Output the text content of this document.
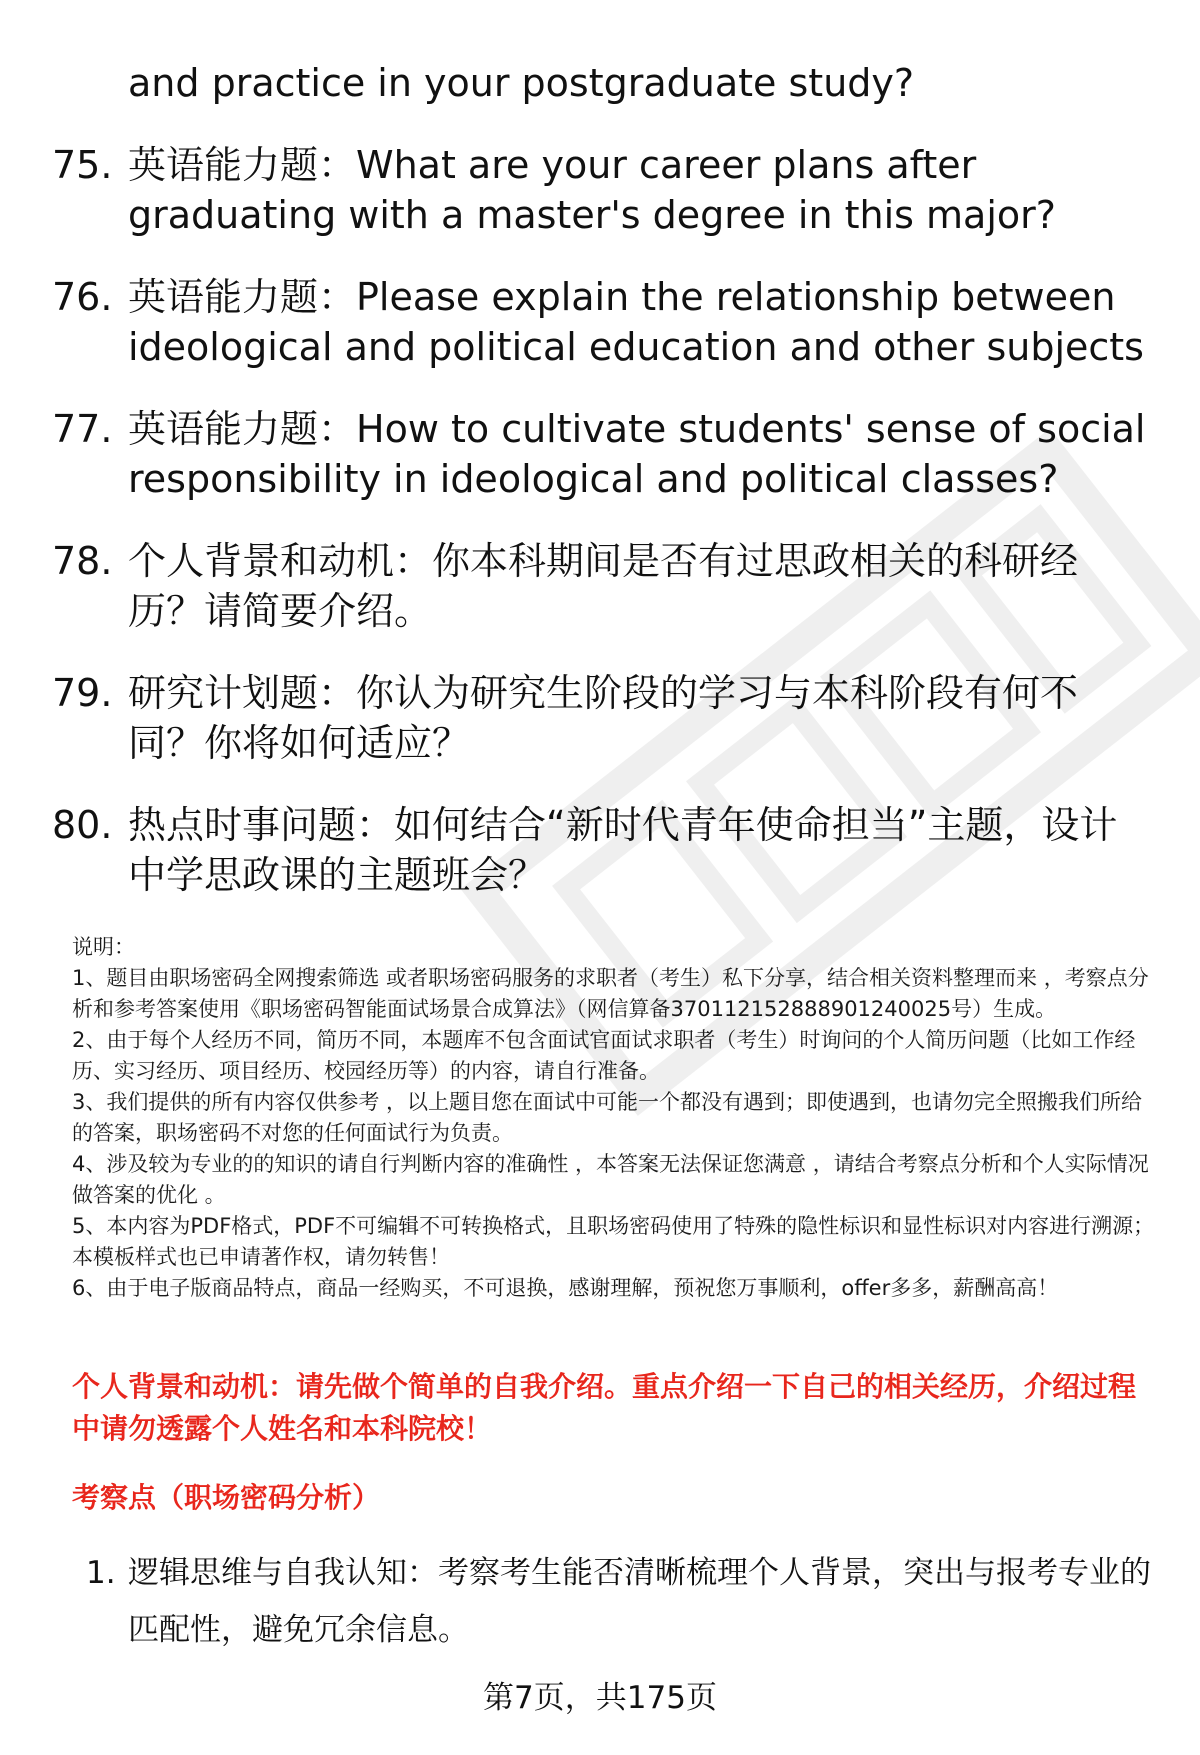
and practice in your postgraduate study?
75. 英语能力题：What are your career plans after graduating with a master's degree in this major?
76. 英语能力题：Please explain the relationship between ideological and political education and other subjects
77. 英语能力题：How to cultivate students' sense of social responsibility in ideological and political classes?
78. 个人背景和动机：你本科期间是否有过思政相关的科研经历？请简要介绍。
79. 研究计划题：你认为研究生阶段的学习与本科阶段有何不同？你将如何适应？
80. 热点时事问题：如何结合“新时代青年使命担当”主题，设计中学思政课的主题班会？

说明：

1、题目由职场密码全网搜索筛选 或者职场密码服务的求职者（考生）私下分享，结合相关资料整理而来 ，考察点分析和参考答案使用《职场密码智能面试场景合成算法》（网信算备370112152888901240025号）生成。

2、由于每个人经历不同，简历不同，本题库不包含面试官面试求职者（考生）时询问的个人简历问题（比如工作经历、实习经历、项目经历、校园经历等）的内容，请自行准备。

3、我们提供的所有内容仅供参考 ，以上题目您在面试中可能一个都没有遇到；即使遇到，也请勿完全照搬我们所给的答案，职场密码不对您的任何面试行为负责。

4、涉及较为专业的的知识的请自行判断内容的准确性 ，本答案无法保证您满意 ，请结合考察点分析和个人实际情况做答案的优化 。

5、本内容为PDF格式，PDF不可编辑不可转换格式，且职场密码使用了特殊的隐性标识和显性标识对内容进行溯源；本模板样式也已申请著作权，请勿转售！

6、由于电子版商品特点，商品一经购买，不可退换，感谢理解，预祝您万事顺利，offer多多，薪酬高高！

个人背景和动机：请先做个简单的自我介绍。重点介绍一下自己的相关经历，介绍过程中请勿透露个人姓名和本科院校！
考察点（职场密码分析）
1. 逻辑思维与自我认知：考察考生能否清晰梳理个人背景，突出与报考专业的匹配性，避免冗余信息。
第7页，共175页
